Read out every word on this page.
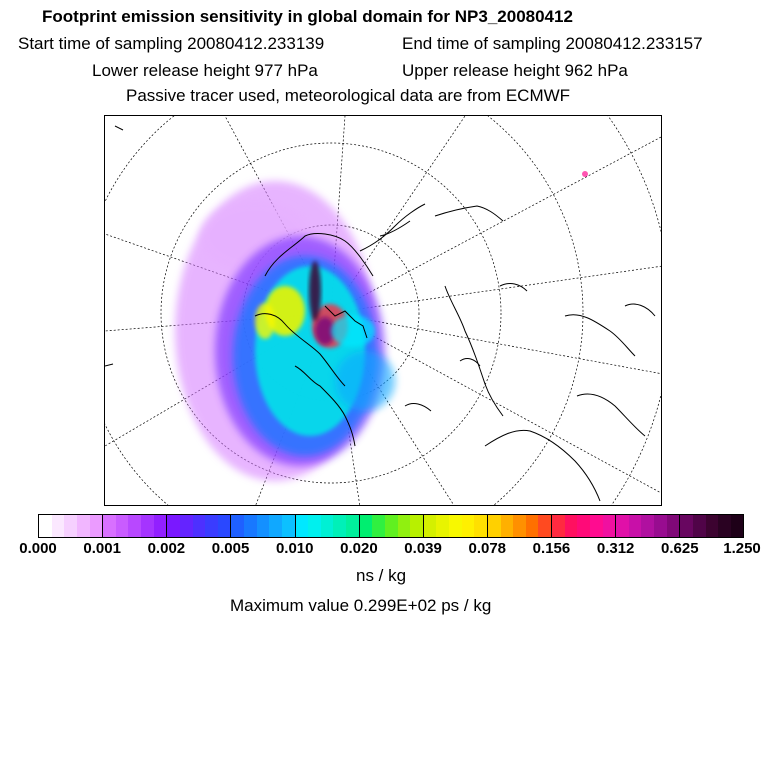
Footprint emission sensitivity in global domain for NP3_20080412
Start time of sampling 20080412.233139	End time of sampling 20080412.233157
Lower release height 977 hPa	Upper release height 962 hPa
Passive tracer used, meteorological data are from ECMWF
0.000 0.001 0.002 0.005 0.010 0.020 0.039 0.078 0.156 0.312 0.625 1.250
ns / kg
Maximum value 0.299E+02 ps / kg
